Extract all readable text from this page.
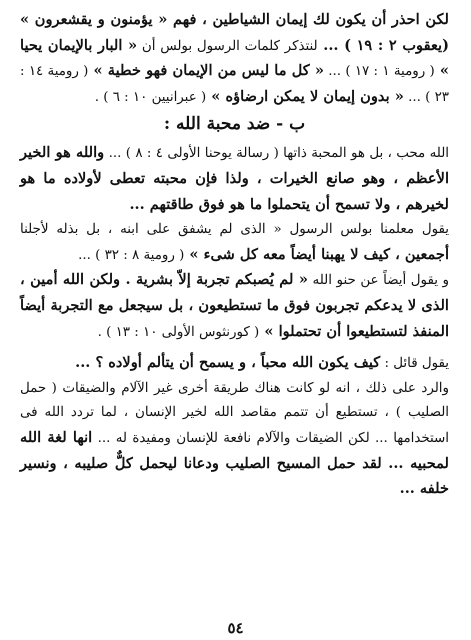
لكن احذر أن يكون لك إيمان الشياطين ، فهم « يؤمنون و يقشعرون » (يعقوب ٢ : ١٩ ) ... لنتذكر كلمات الرسول بولس أن « البار بالإيمان يحيا » ( رومية ١ : ١٧ ) ... « كل ما ليس من الإيمان فهو خطية » ( رومية ١٤ : ٢٣ ) ... « بدون إيمان لا يمكن ارضاؤه » ( عبرانيين ١٠ : ٦ ) .

ب - ضد محبة الله :

الله محب ، بل هو المحبة ذاتها ( رسالة يوحنا الأولى ٤ : ٨ ) ... والله هو الخير الأعظم ، وهو صانع الخيرات ، ولذا فإن محبته تعطى لأولاده ما هو لخيرهم ، ولا تسمح أن يتحملوا ما هو فوق طاقتهم ...

يقول معلمنا بولس الرسول « الذى لم يشفق على ابنه ، بل بذله لأجلنا أجمعين ، كيف لا يهبنا أيضاً معه كل شىء » ( رومية ٨ : ٣٢ ) ...

و يقول أيضاً عن حنو الله « لم يُصبكم تجربة إلاّ بشرية . ولكن الله أمين ، الذى لا يدعكم تجربون فوق ما تستطيعون ، بل سيجعل مع التجربة أيضاً المنفذ لتستطيعوا أن تحتملوا » ( كورنثوس الأولى ١٠ : ١٣ ) .

يقول قائل : كيف يكون الله محباً ، و يسمح أن يتألم أولاده ؟ ...

والرد على ذلك ، انه لو كانت هناك طريقة أخرى غير الآلام والضيقات ( حمل الصليب ) ، تستطيع أن تتمم مقاصد الله لخير الإنسان ، لما تردد الله فى استخدامها ... لكن الضيقات والآلام نافعة للإنسان ومفيدة له ... انها لغة الله لمحبيه ... لقد حمل المسيح الصليب ودعانا ليحمل كلٌّ صليبه ، ونسير خلفه ...

٥٤
